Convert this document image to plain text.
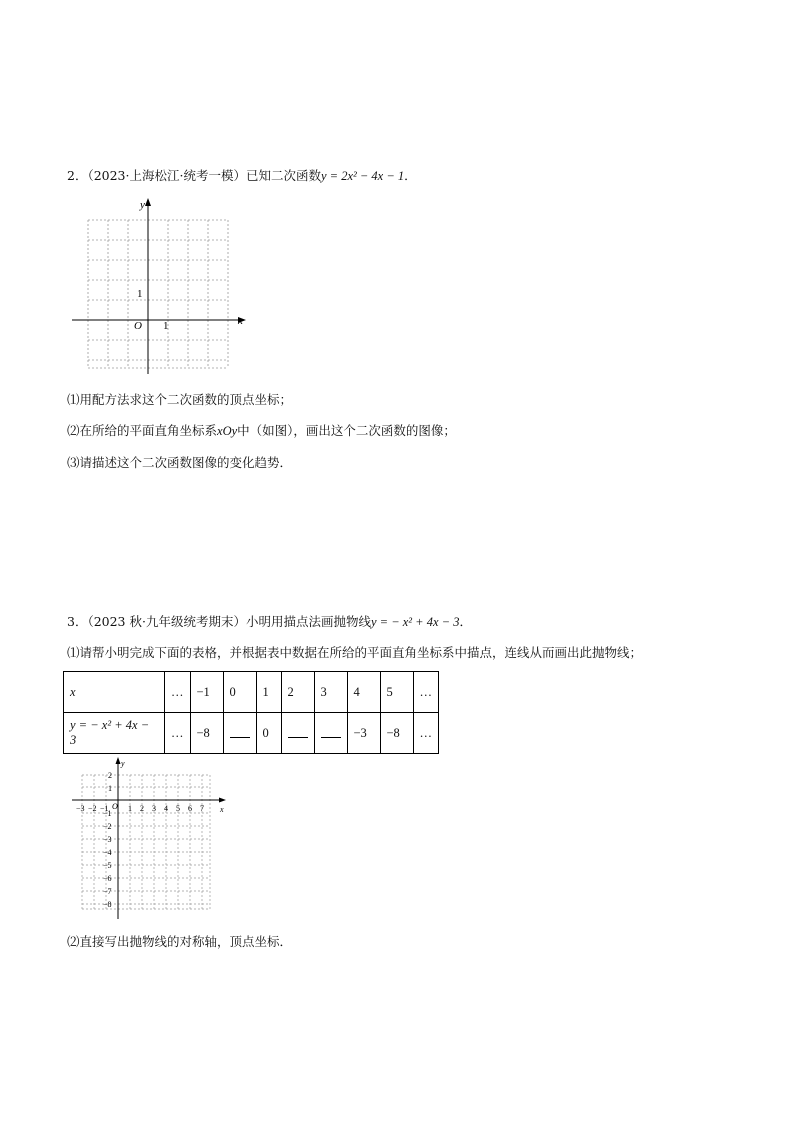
2．（2023·上海松江·统考一模）已知二次函数y = 2x² − 4x − 1．
y
x
O 1
1
⑴用配方法求这个二次函数的顶点坐标；
⑵在所给的平面直角坐标系xOy中（如图），画出这个二次函数的图像；
⑶请描述这个二次函数图像的变化趋势．
3．（2023 秋·九年级统考期末）小明用描点法画抛物线y = − x² + 4x − 3．
⑴请帮小明完成下面的表格，并根据表中数据在所给的平面直角坐标系中描点，连线从而画出此抛物线；
x	…	−1	0	1	2	3	4	5	…
y = − x² + 4x − 3	…	−8		0			−3	−8	…
y
x
O
−3 −2 −1 1 2 3 4 5 6 7
2
1
−1
−2
−3
−4
−5
−6
−7
−8
⑵直接写出抛物线的对称轴，顶点坐标．
